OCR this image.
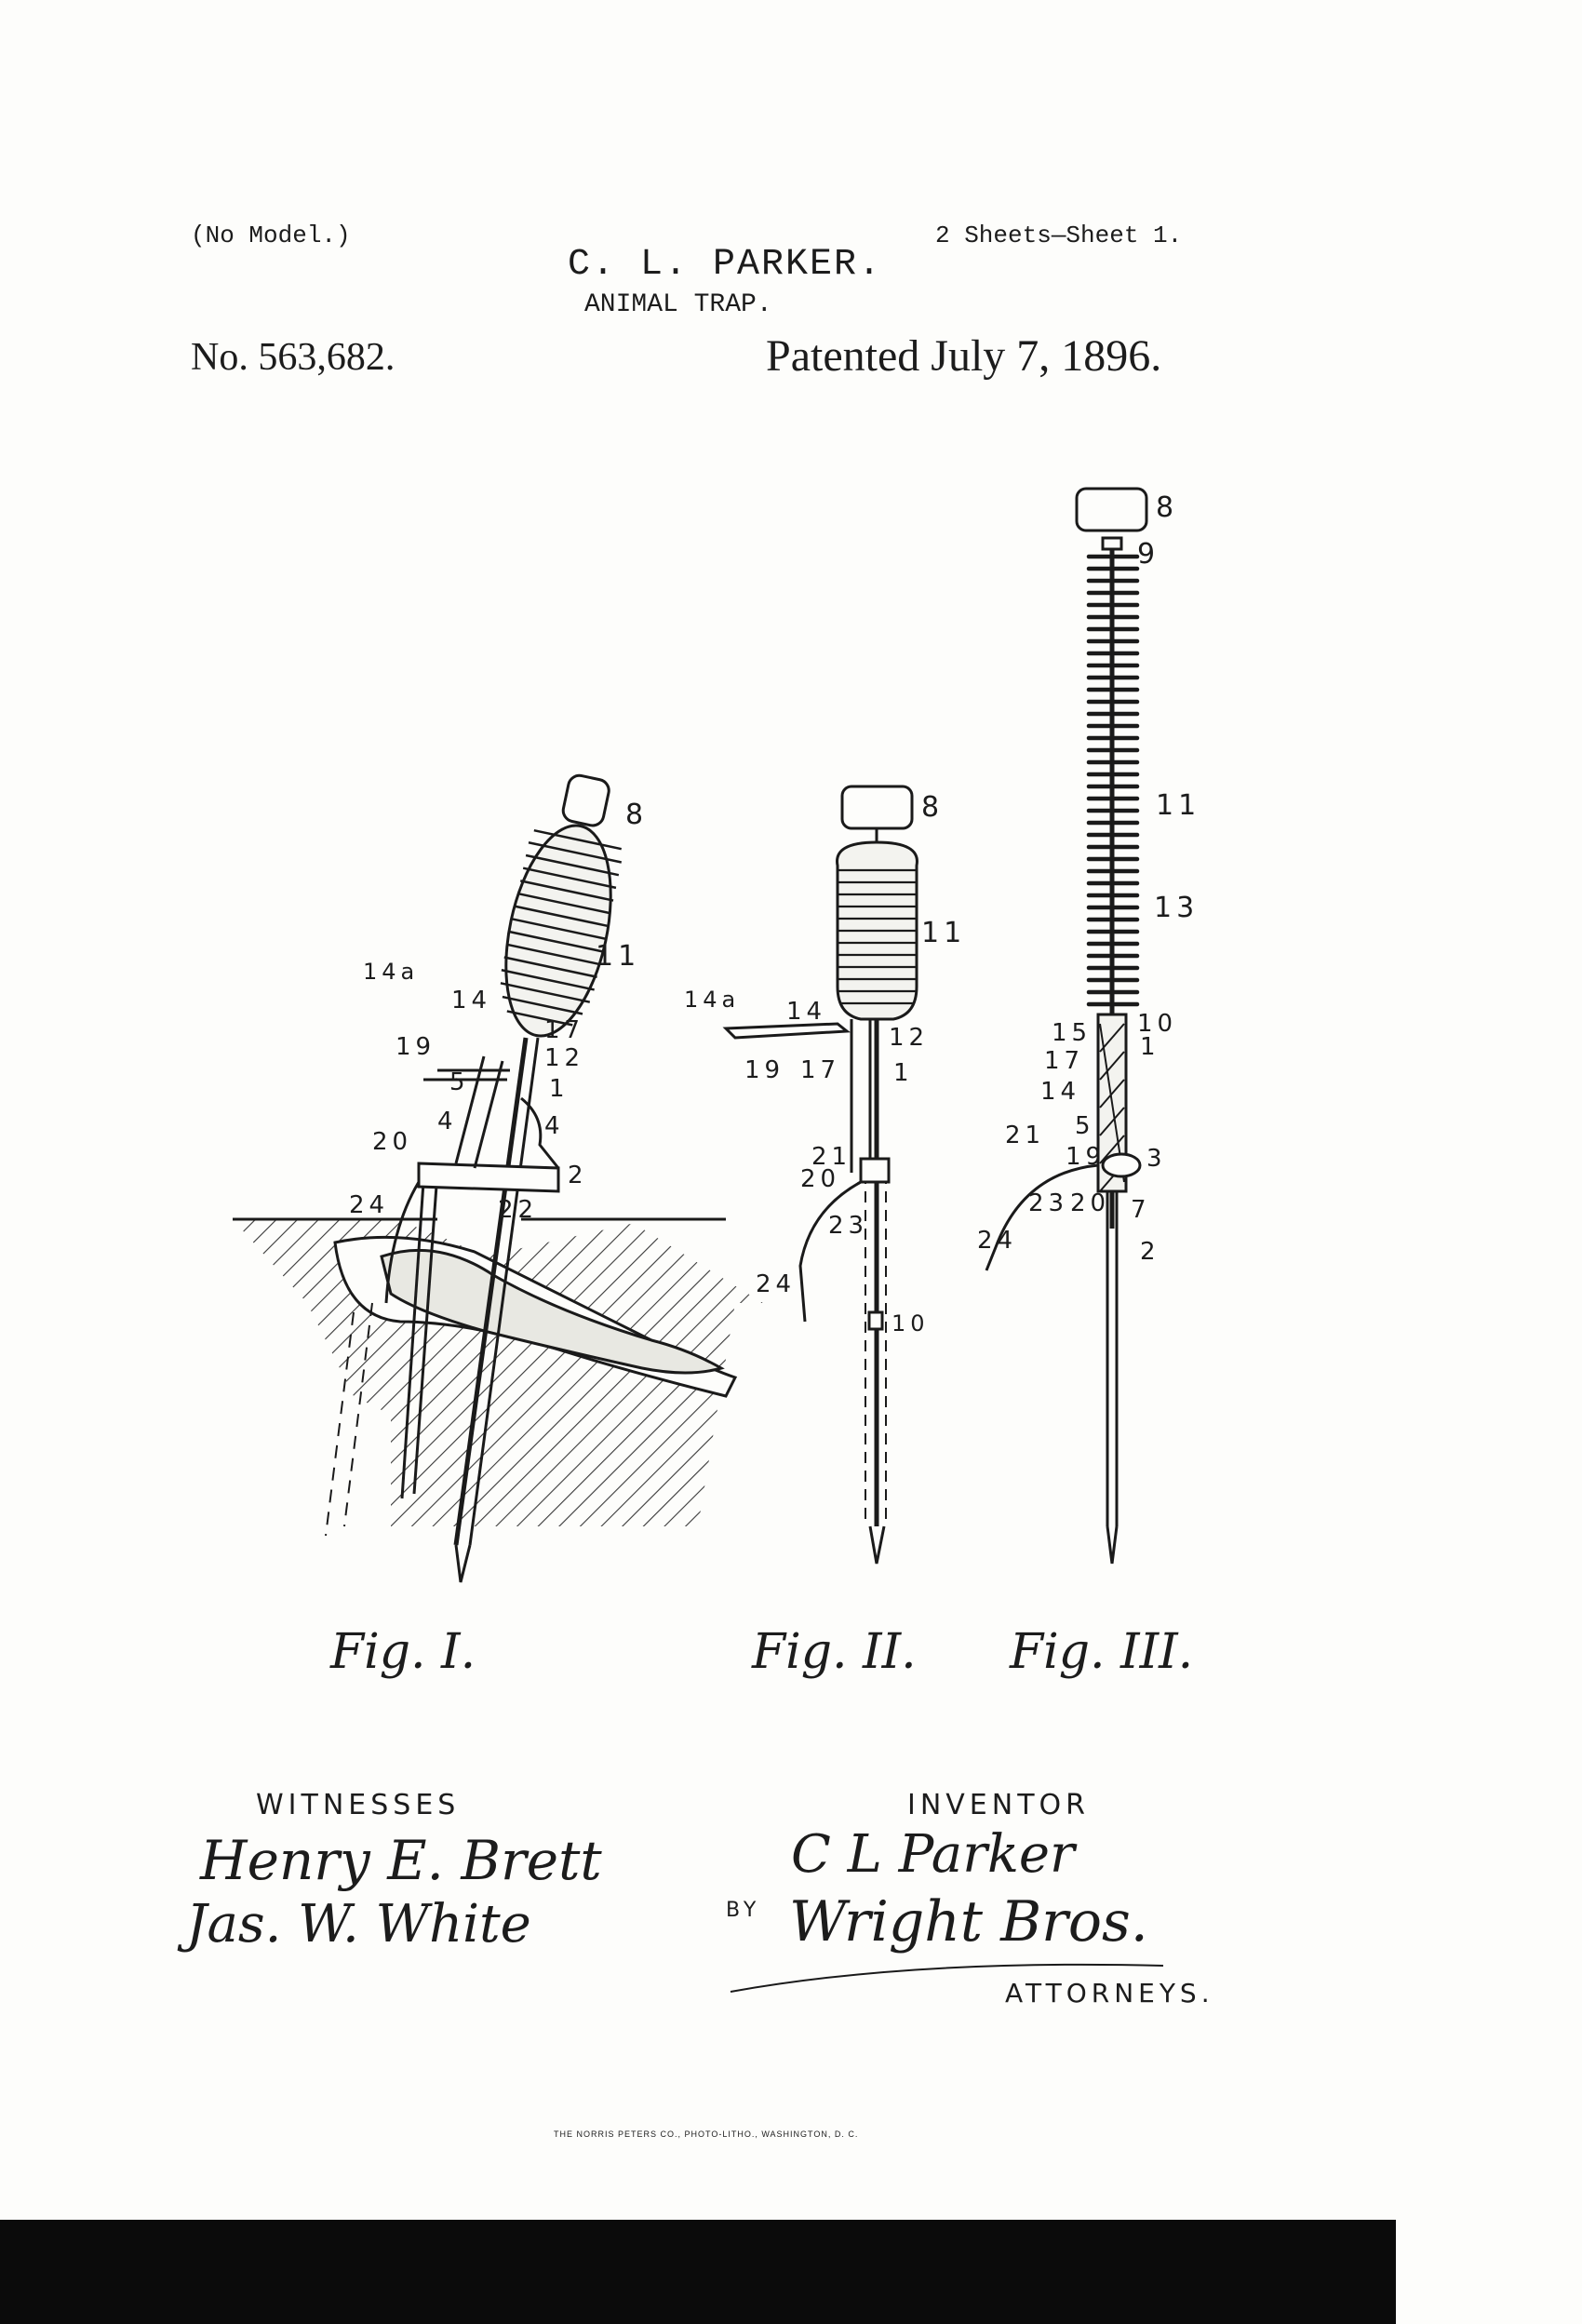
(No Model.)	2 Sheets—Sheet 1.
C. L. PARKER.
ANIMAL TRAP.
No. 563,682.	Patented July 7, 1896.
8
11
14a
14
17
19	12
5	1
4	4
20
2
22
24
8
11
14a 14
12
19 17 1
21
20
23
24
10
8
9
11
13
10
15 1
17
14
21 5
19 3
23 20 7
24	2
Fig. I.	Fig. II. Fig. III.
WITNESSES
Henry E. Brett
Jas. W. White
INVENTOR
C L Parker
BY Wright Bros.
ATTORNEYS.
THE NORRIS PETERS CO., PHOTO-LITHO., WASHINGTON, D. C.
